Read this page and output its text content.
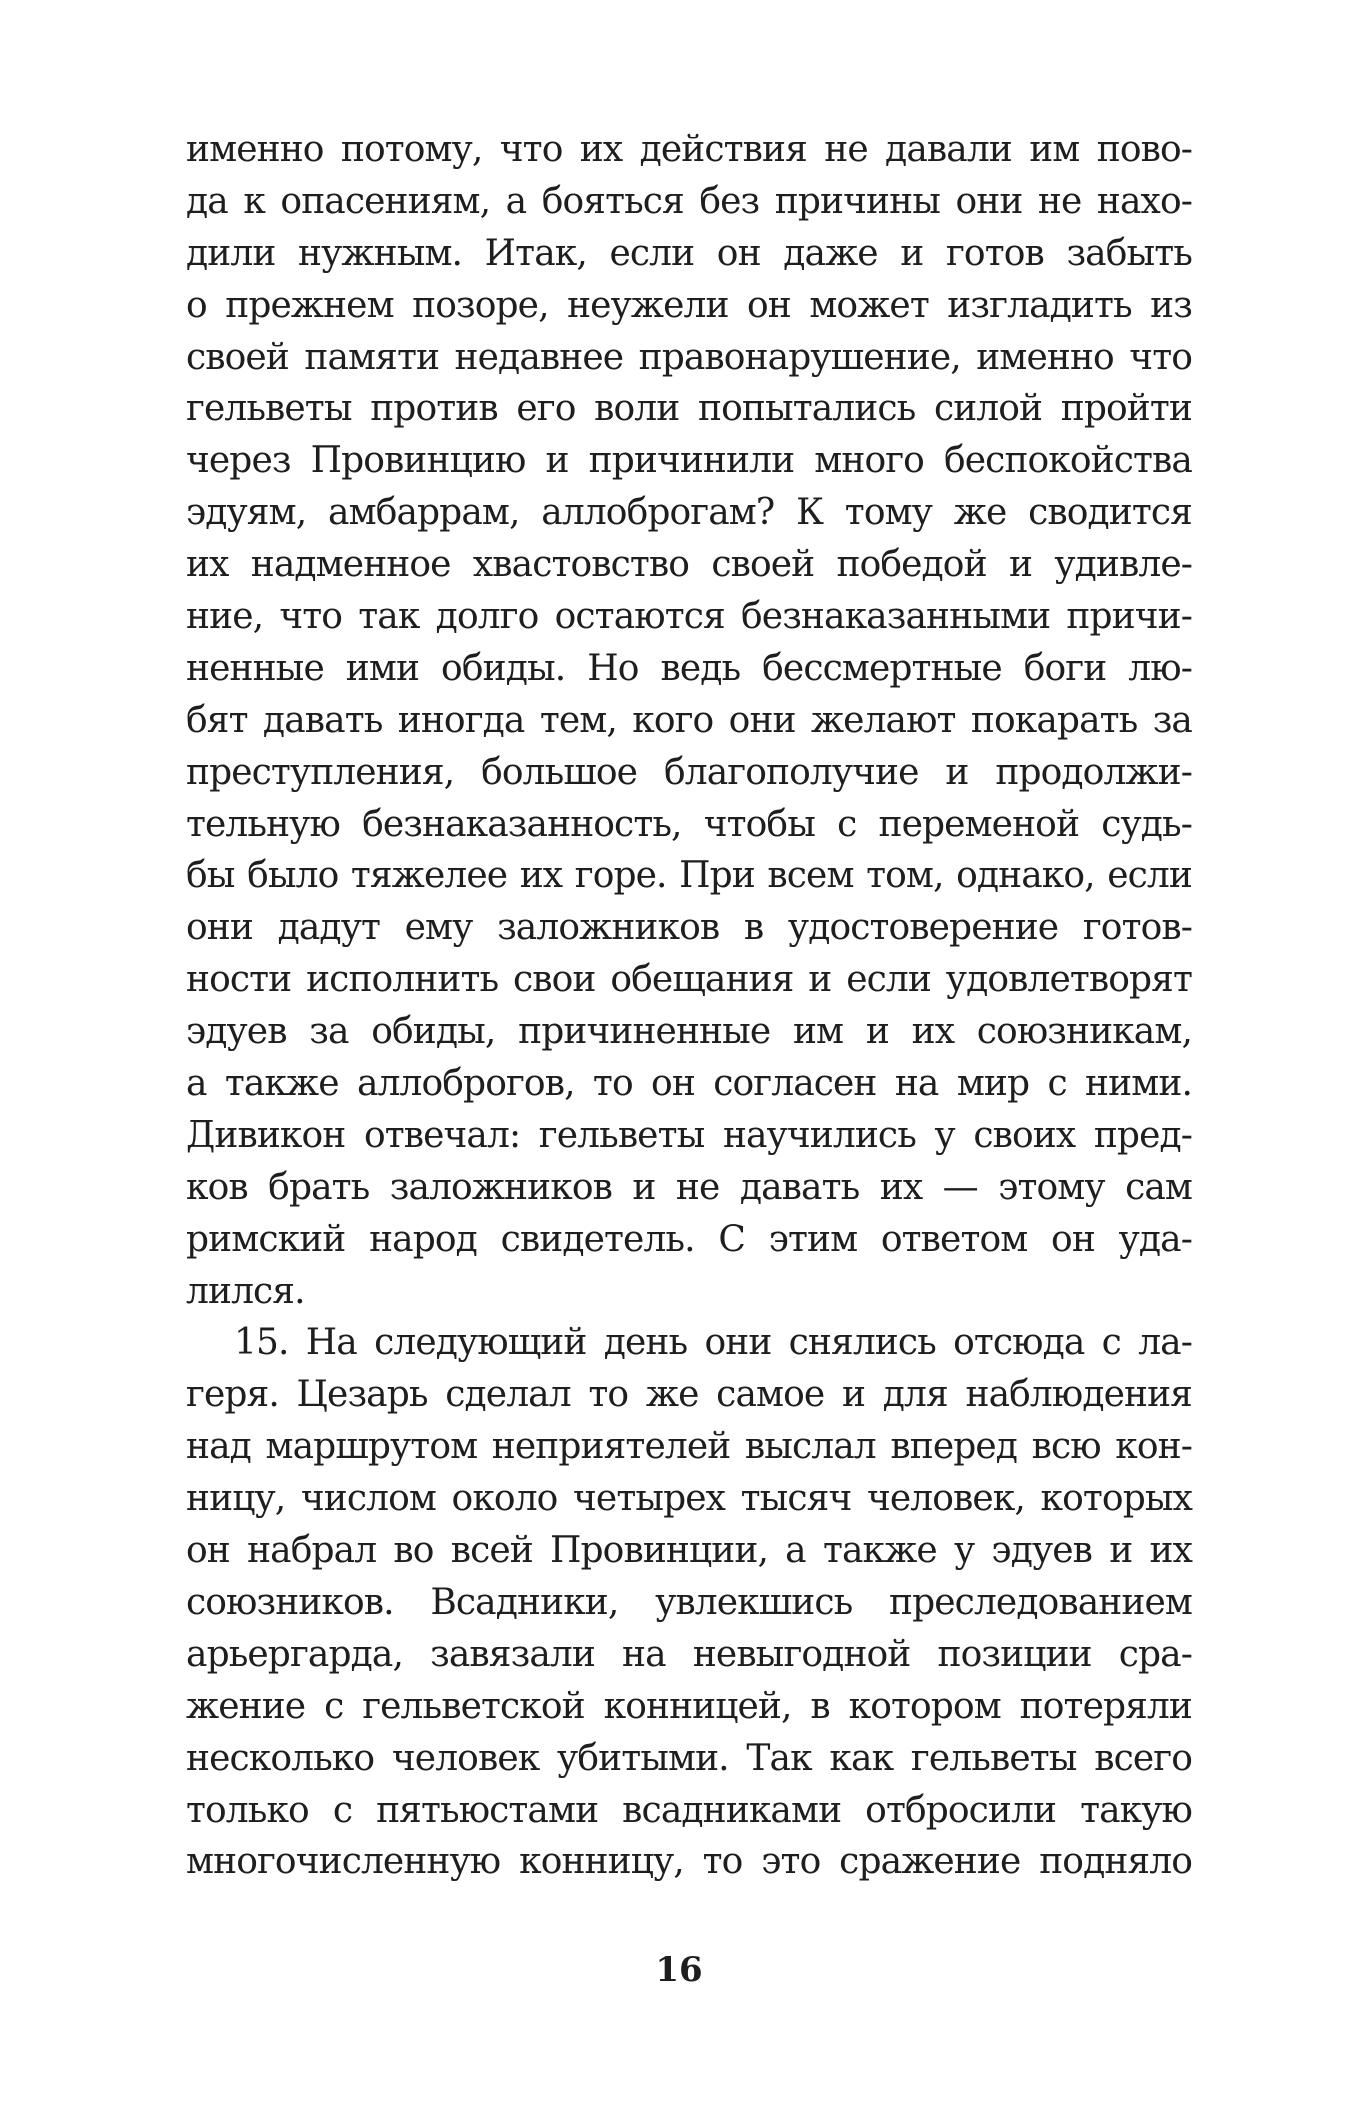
именно потому, что их действия не давали им пово-
да к опасениям, а бояться без причины они не нахо-
дили нужным. Итак, если он даже и готов забыть
о прежнем позоре, неужели он может изгладить из
своей памяти недавнее правонарушение, именно что
гельветы против его воли попытались силой пройти
через Провинцию и причинили много беспокойства
эдуям, амбаррам, аллоброгам? К тому же сводится
их надменное хвастовство своей победой и удивле-
ние, что так долго остаются безнаказанными причи-
ненные ими обиды. Но ведь бессмертные боги лю-
бят давать иногда тем, кого они желают покарать за
преступления, большое благополучие и продолжи-
тельную безнаказанность, чтобы с переменой судь-
бы было тяжелее их горе. При всем том, однако, если
они дадут ему заложников в удостоверение готов-
ности исполнить свои обещания и если удовлетворят
эдуев за обиды, причиненные им и их союзникам,
а также аллоброгов, то он согласен на мир с ними.
Дивикон отвечал: гельветы научились у своих пред-
ков брать заложников и не давать их — этому сам
римский народ свидетель. С этим ответом он уда-
лился.
15. На следующий день они снялись отсюда с ла-
геря. Цезарь сделал то же самое и для наблюдения
над маршрутом неприятелей выслал вперед всю кон-
ницу, числом около четырех тысяч человек, которых
он набрал во всей Провинции, а также у эдуев и их
союзников. Всадники, увлекшись преследованием
арьергарда, завязали на невыгодной позиции сра-
жение с гельветской конницей, в котором потеряли
несколько человек убитыми. Так как гельветы всего
только с пятьюстами всадниками отбросили такую
многочисленную конницу, то это сражение подняло
16
